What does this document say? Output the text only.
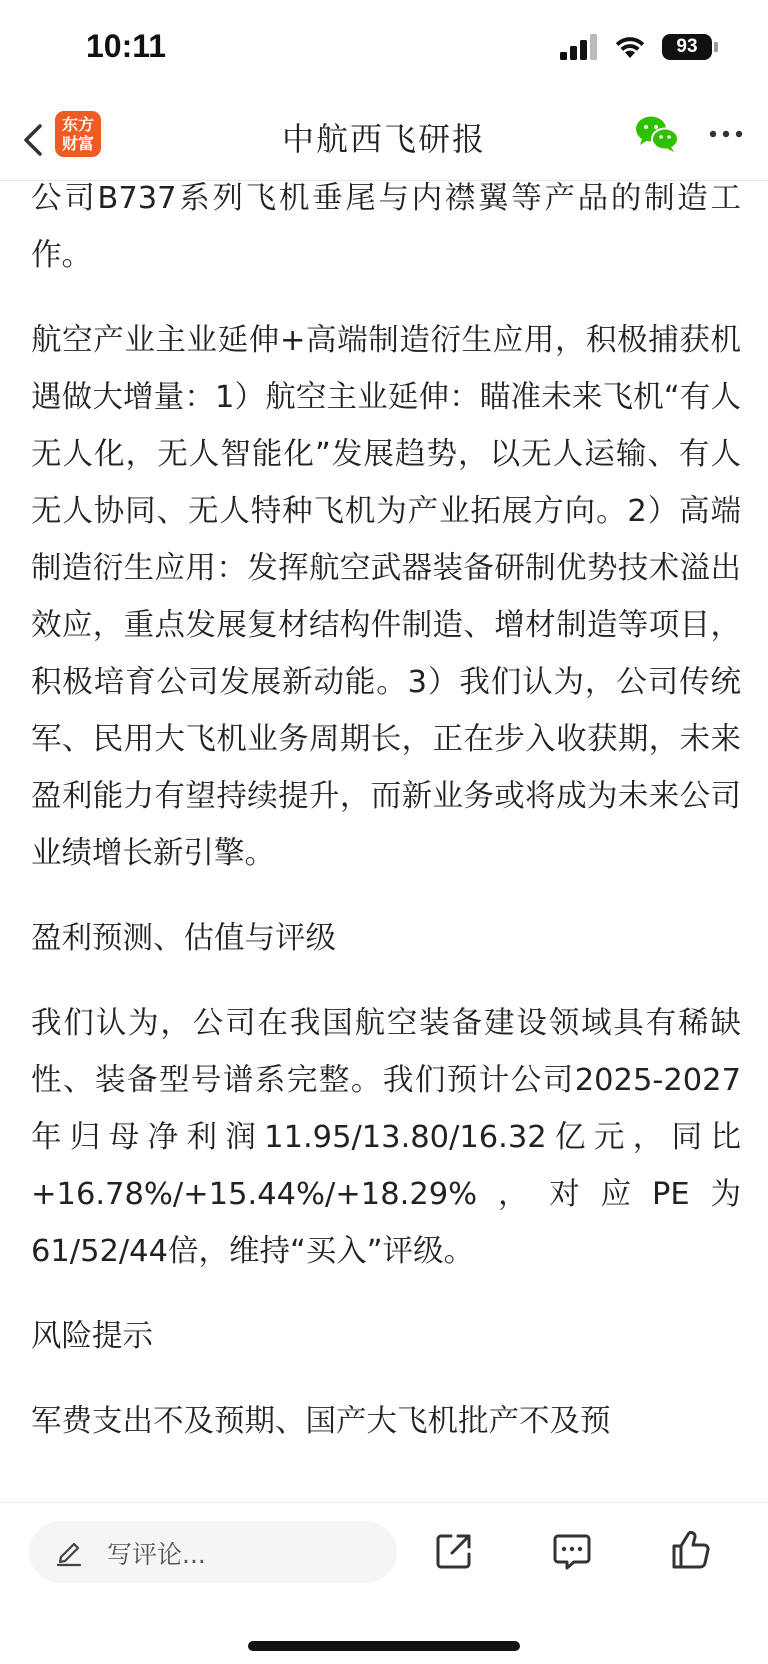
10:11	93
东方
财富	中航西飞研报

公司B737系列飞机垂尾与内襟翼等产品的制造工作。

航空产业主业延伸+高端制造衍生应用，积极捕获机遇做大增量：1）航空主业延伸：瞄准未来飞机“有人无人化，无人智能化”发展趋势，以无人运输、有人无人协同、无人特种飞机为产业拓展方向。2）高端制造衍生应用：发挥航空武器装备研制优势技术溢出效应，重点发展复材结构件制造、增材制造等项目，积极培育公司发展新动能。3）我们认为，公司传统军、民用大飞机业务周期长，正在步入收获期，未来盈利能力有望持续提升，而新业务或将成为未来公司业绩增长新引擎。

盈利预测、估值与评级

我们认为，公司在我国航空装备建设领域具有稀缺性、装备型号谱系完整。我们预计公司2025-2027年归母净利润11.95/13.80/16.32亿元，同比+16.78%/+15.44%/+18.29%，对应PE为61/52/44倍，维持“买入”评级。

风险提示

军费支出不及预期、国产大飞机批产不及预

写评论...
